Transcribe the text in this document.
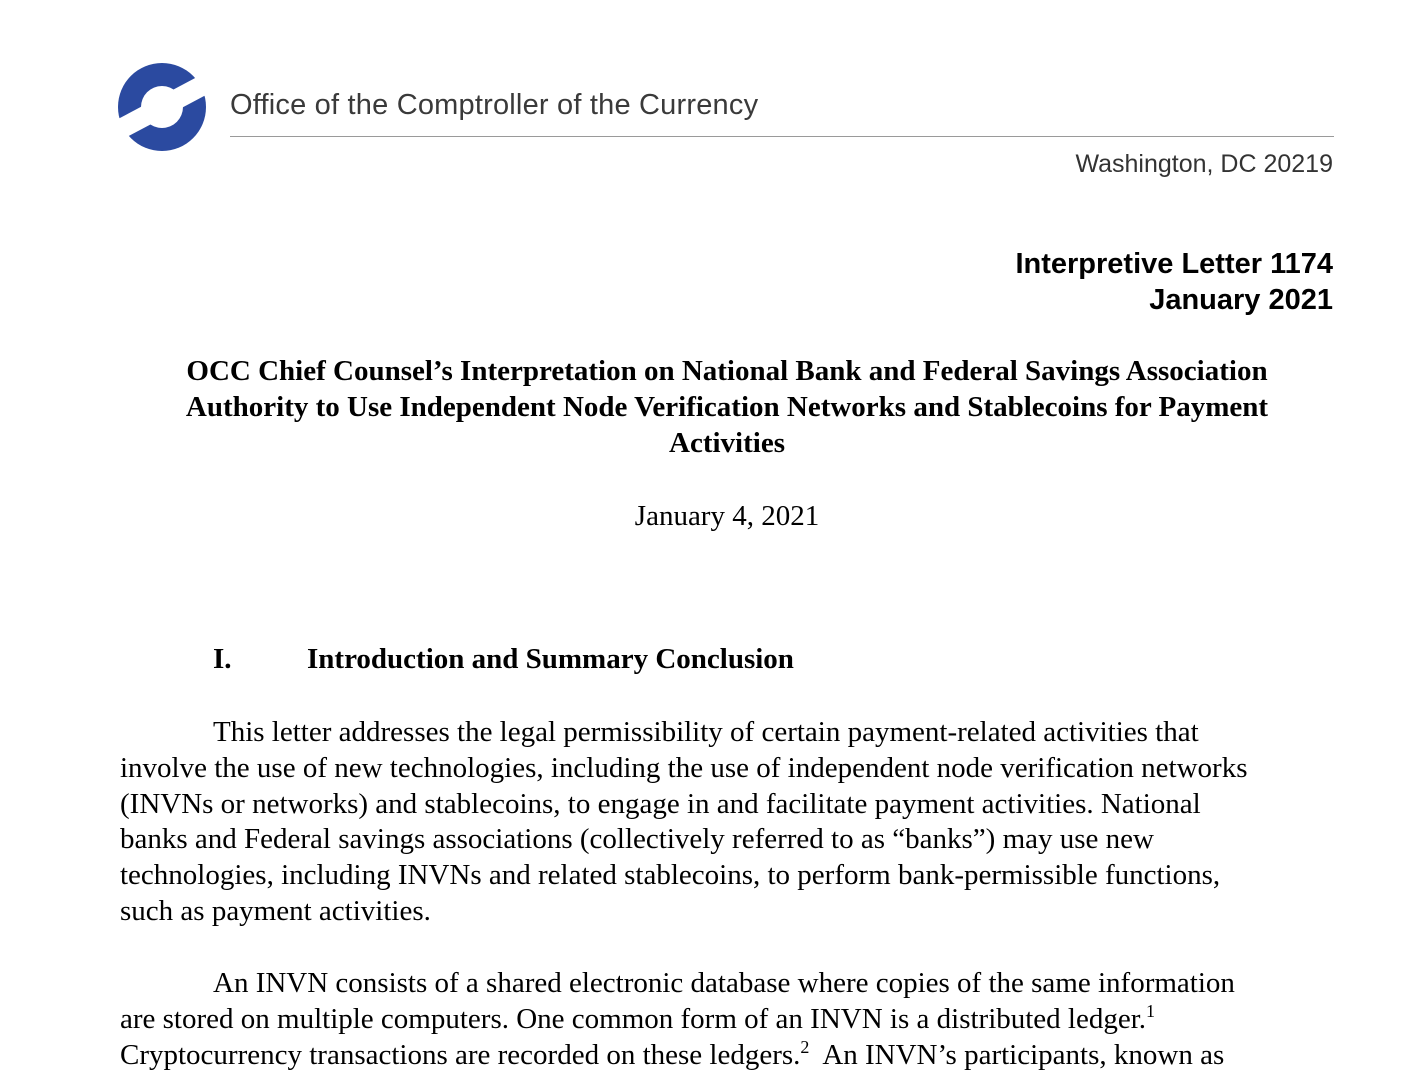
Office of the Comptroller of the Currency
Washington, DC 20219
Interpretive Letter 1174
January 2021
OCC Chief Counsel’s Interpretation on National Bank and Federal Savings Association
Authority to Use Independent Node Verification Networks and Stablecoins for Payment
Activities
January 4, 2021
I.	Introduction and Summary Conclusion
This letter addresses the legal permissibility of certain payment-related activities that
involve the use of new technologies, including the use of independent node verification networks
(INVNs or networks) and stablecoins, to engage in and facilitate payment activities. National
banks and Federal savings associations (collectively referred to as “banks”) may use new
technologies, including INVNs and related stablecoins, to perform bank-permissible functions,
such as payment activities.
An INVN consists of a shared electronic database where copies of the same information
are stored on multiple computers. One common form of an INVN is a distributed ledger.$^1$
Cryptocurrency transactions are recorded on these ledgers.$^2$  An INVN’s participants, known as
